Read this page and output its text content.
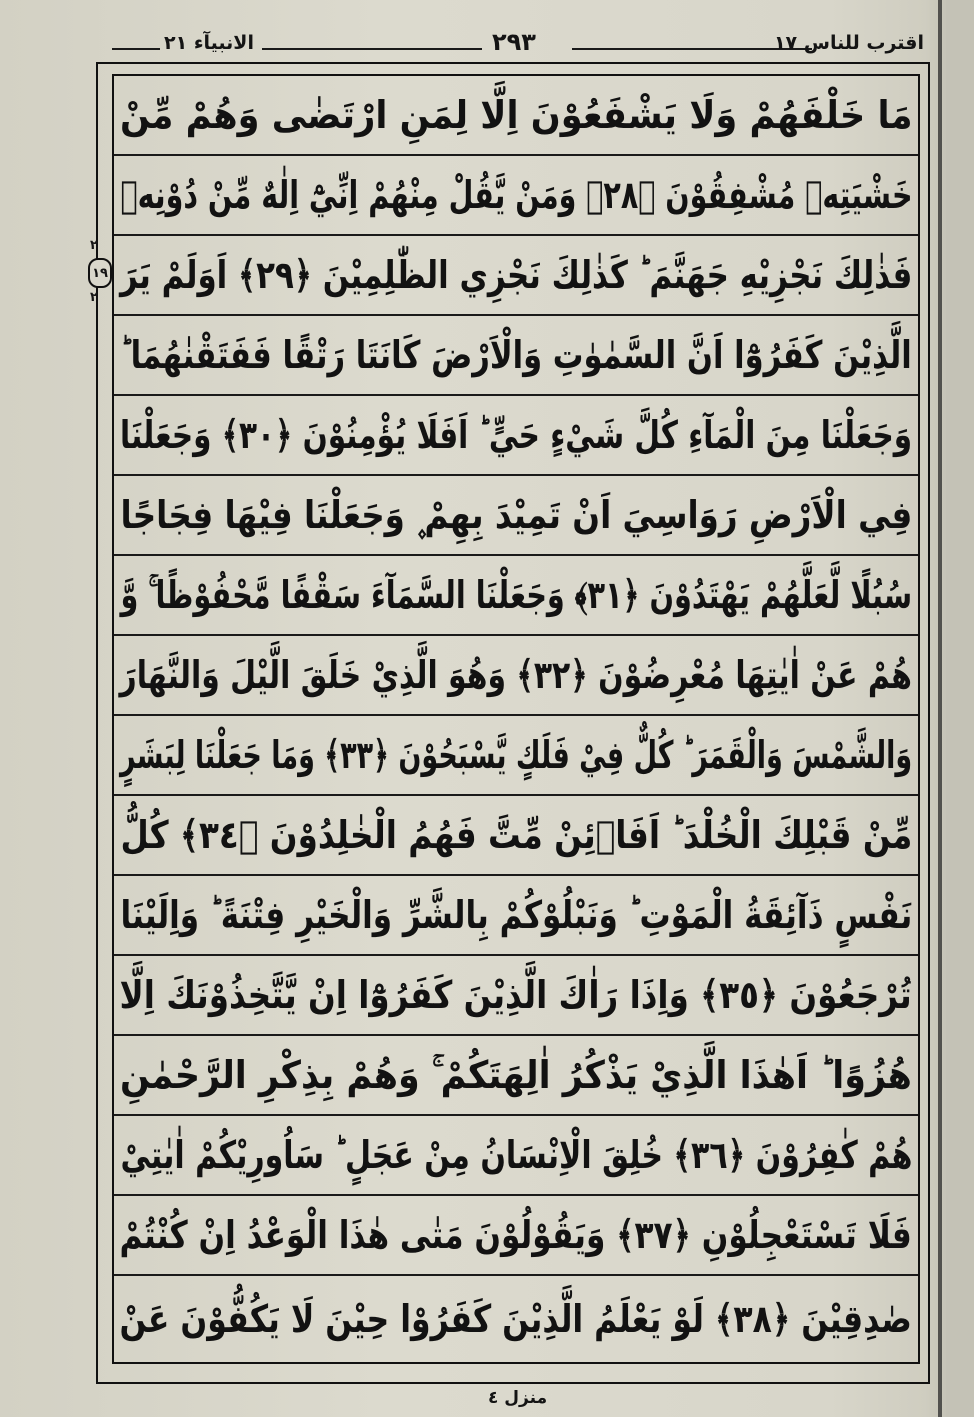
الانبيآء ٢١	٢٩٣	اقترب للناس ١٧
٢
١٩
٢
مَا خَلْفَهُمْ وَلَا يَشْفَعُوْنَ اِلَّا لِمَنِ ارْتَضٰى وَهُمْ مِّنْ
خَشْيَتِهٖ مُشْفِقُوْنَ ﴿٢٨﴾ وَمَنْ يَّقُلْ مِنْهُمْ اِنِّيْٓ اِلٰهٌ مِّنْ دُوْنِهٖ
فَذٰلِكَ نَجْزِيْهِ جَهَنَّمَ ؕ كَذٰلِكَ نَجْزِي الظّٰلِمِيْنَ ﴿٢٩﴾ اَوَلَمْ يَرَ
الَّذِيْنَ كَفَرُوْٓا اَنَّ السَّمٰوٰتِ وَالْاَرْضَ كَانَتَا رَتْقًا فَفَتَقْنٰهُمَا ؕ
وَجَعَلْنَا مِنَ الْمَآءِ كُلَّ شَيْءٍ حَيٍّ ؕ اَفَلَا يُؤْمِنُوْنَ ﴿٣٠﴾ وَجَعَلْنَا
فِي الْاَرْضِ رَوَاسِيَ اَنْ تَمِيْدَ بِهِمْ ۪ وَجَعَلْنَا فِيْهَا فِجَاجًا
سُبُلًا لَّعَلَّهُمْ يَهْتَدُوْنَ ﴿٣١﴾ وَجَعَلْنَا السَّمَآءَ سَقْفًا مَّحْفُوْظًا ۚ وَّ
هُمْ عَنْ اٰيٰتِهَا مُعْرِضُوْنَ ﴿٣٢﴾ وَهُوَ الَّذِيْ خَلَقَ الَّيْلَ وَالنَّهَارَ
وَالشَّمْسَ وَالْقَمَرَ ؕ كُلٌّ فِيْ فَلَكٍ يَّسْبَحُوْنَ ﴿٣٣﴾ وَمَا جَعَلْنَا لِبَشَرٍ
مِّنْ قَبْلِكَ الْخُلْدَ ؕ اَفَاۡئِنْ مِّتَّ فَهُمُ الْخٰلِدُوْنَ ﴿٣٤﴾ كُلُّ
نَفْسٍ ذَآئِقَةُ الْمَوْتِ ؕ وَنَبْلُوْكُمْ بِالشَّرِّ وَالْخَيْرِ فِتْنَةً ؕ وَاِلَيْنَا
تُرْجَعُوْنَ ﴿٣٥﴾ وَاِذَا رَاٰكَ الَّذِيْنَ كَفَرُوْٓا اِنْ يَّتَّخِذُوْنَكَ اِلَّا
هُزُوًا ؕ اَهٰذَا الَّذِيْ يَذْكُرُ اٰلِهَتَكُمْ ۚ وَهُمْ بِذِكْرِ الرَّحْمٰنِ
هُمْ كٰفِرُوْنَ ﴿٣٦﴾ خُلِقَ الْاِنْسَانُ مِنْ عَجَلٍ ؕ سَاُورِيْكُمْ اٰيٰتِيْ
فَلَا تَسْتَعْجِلُوْنِ ﴿٣٧﴾ وَيَقُوْلُوْنَ مَتٰى هٰذَا الْوَعْدُ اِنْ كُنْتُمْ
صٰدِقِيْنَ ﴿٣٨﴾ لَوْ يَعْلَمُ الَّذِيْنَ كَفَرُوْا حِيْنَ لَا يَكُفُّوْنَ عَنْ
منزل ٤
